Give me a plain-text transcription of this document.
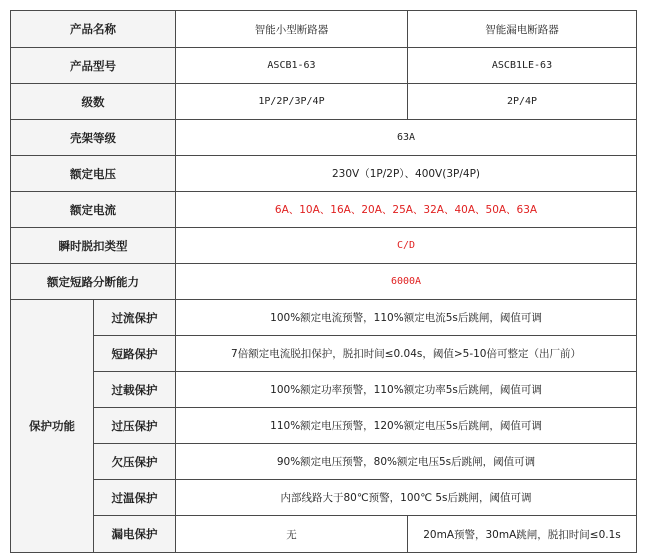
产品名称		智能小型断路器	智能漏电断路器
产品型号		ASCB1-63	ASCB1LE-63
级数		1P/2P/3P/4P	2P/4P
壳架等级		63A	
额定电压		230V（1P/2P）、400V(3P/4P)	
额定电流		6A、10A、16A、20A、25A、32A、40A、50A、63A	
瞬时脱扣类型		C/D	
额定短路分断能力		6000A	
保护功能	过流保护	100%额定电流预警，110%额定电流5s后跳闸，阈值可调	
	短路保护	7倍额定电流脱扣保护，脱扣时间≤0.04s，阈值>5-10倍可整定（出厂前）	
	过载保护	100%额定功率预警，110%额定功率5s后跳闸，阈值可调	
	过压保护	110%额定电压预警，120%额定电压5s后跳闸，阈值可调	
	欠压保护	90%额定电压预警，80%额定电压5s后跳闸，阈值可调	
	过温保护	内部线路大于80℃预警，100℃ 5s后跳闸，阈值可调	
	漏电保护	无	20mA预警，30mA跳闸，脱扣时间≤0.1s
